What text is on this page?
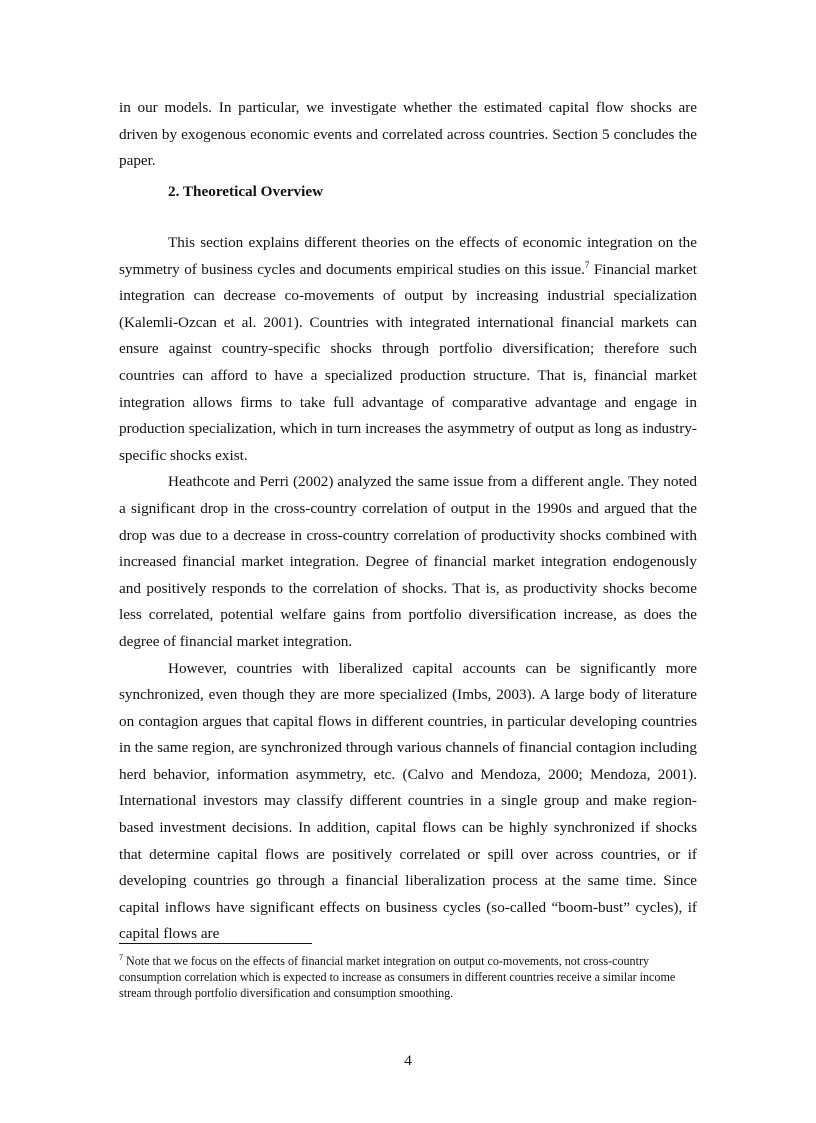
in our models. In particular, we investigate whether the estimated capital flow shocks are driven by exogenous economic events and correlated across countries. Section 5 concludes the paper.

2. Theoretical Overview

This section explains different theories on the effects of economic integration on the symmetry of business cycles and documents empirical studies on this issue.$^7$ Financial market integration can decrease co-movements of output by increasing industrial specialization (Kalemli-Ozcan et al. 2001). Countries with integrated international financial markets can ensure against country-specific shocks through portfolio diversification; therefore such countries can afford to have a specialized production structure. That is, financial market integration allows firms to take full advantage of comparative advantage and engage in production specialization, which in turn increases the asymmetry of output as long as industry-specific shocks exist.

Heathcote and Perri (2002) analyzed the same issue from a different angle. They noted a significant drop in the cross-country correlation of output in the 1990s and argued that the drop was due to a decrease in cross-country correlation of productivity shocks combined with increased financial market integration. Degree of financial market integration endogenously and positively responds to the correlation of shocks. That is, as productivity shocks become less correlated, potential welfare gains from portfolio diversification increase, as does the degree of financial market integration.

However, countries with liberalized capital accounts can be significantly more synchronized, even though they are more specialized (Imbs, 2003). A large body of literature on contagion argues that capital flows in different countries, in particular developing countries in the same region, are synchronized through various channels of financial contagion including herd behavior, information asymmetry, etc. (Calvo and Mendoza, 2000; Mendoza, 2001). International investors may classify different countries in a single group and make region-based investment decisions. In addition, capital flows can be highly synchronized if shocks that determine capital flows are positively correlated or spill over across countries, or if developing countries go through a financial liberalization process at the same time. Since capital inflows have significant effects on business cycles (so-called “boom-bust” cycles), if capital flows are

$^7$ Note that we focus on the effects of financial market integration on output co-movements, not cross-country consumption correlation which is expected to increase as consumers in different countries receive a similar income stream through portfolio diversification and consumption smoothing.

4
